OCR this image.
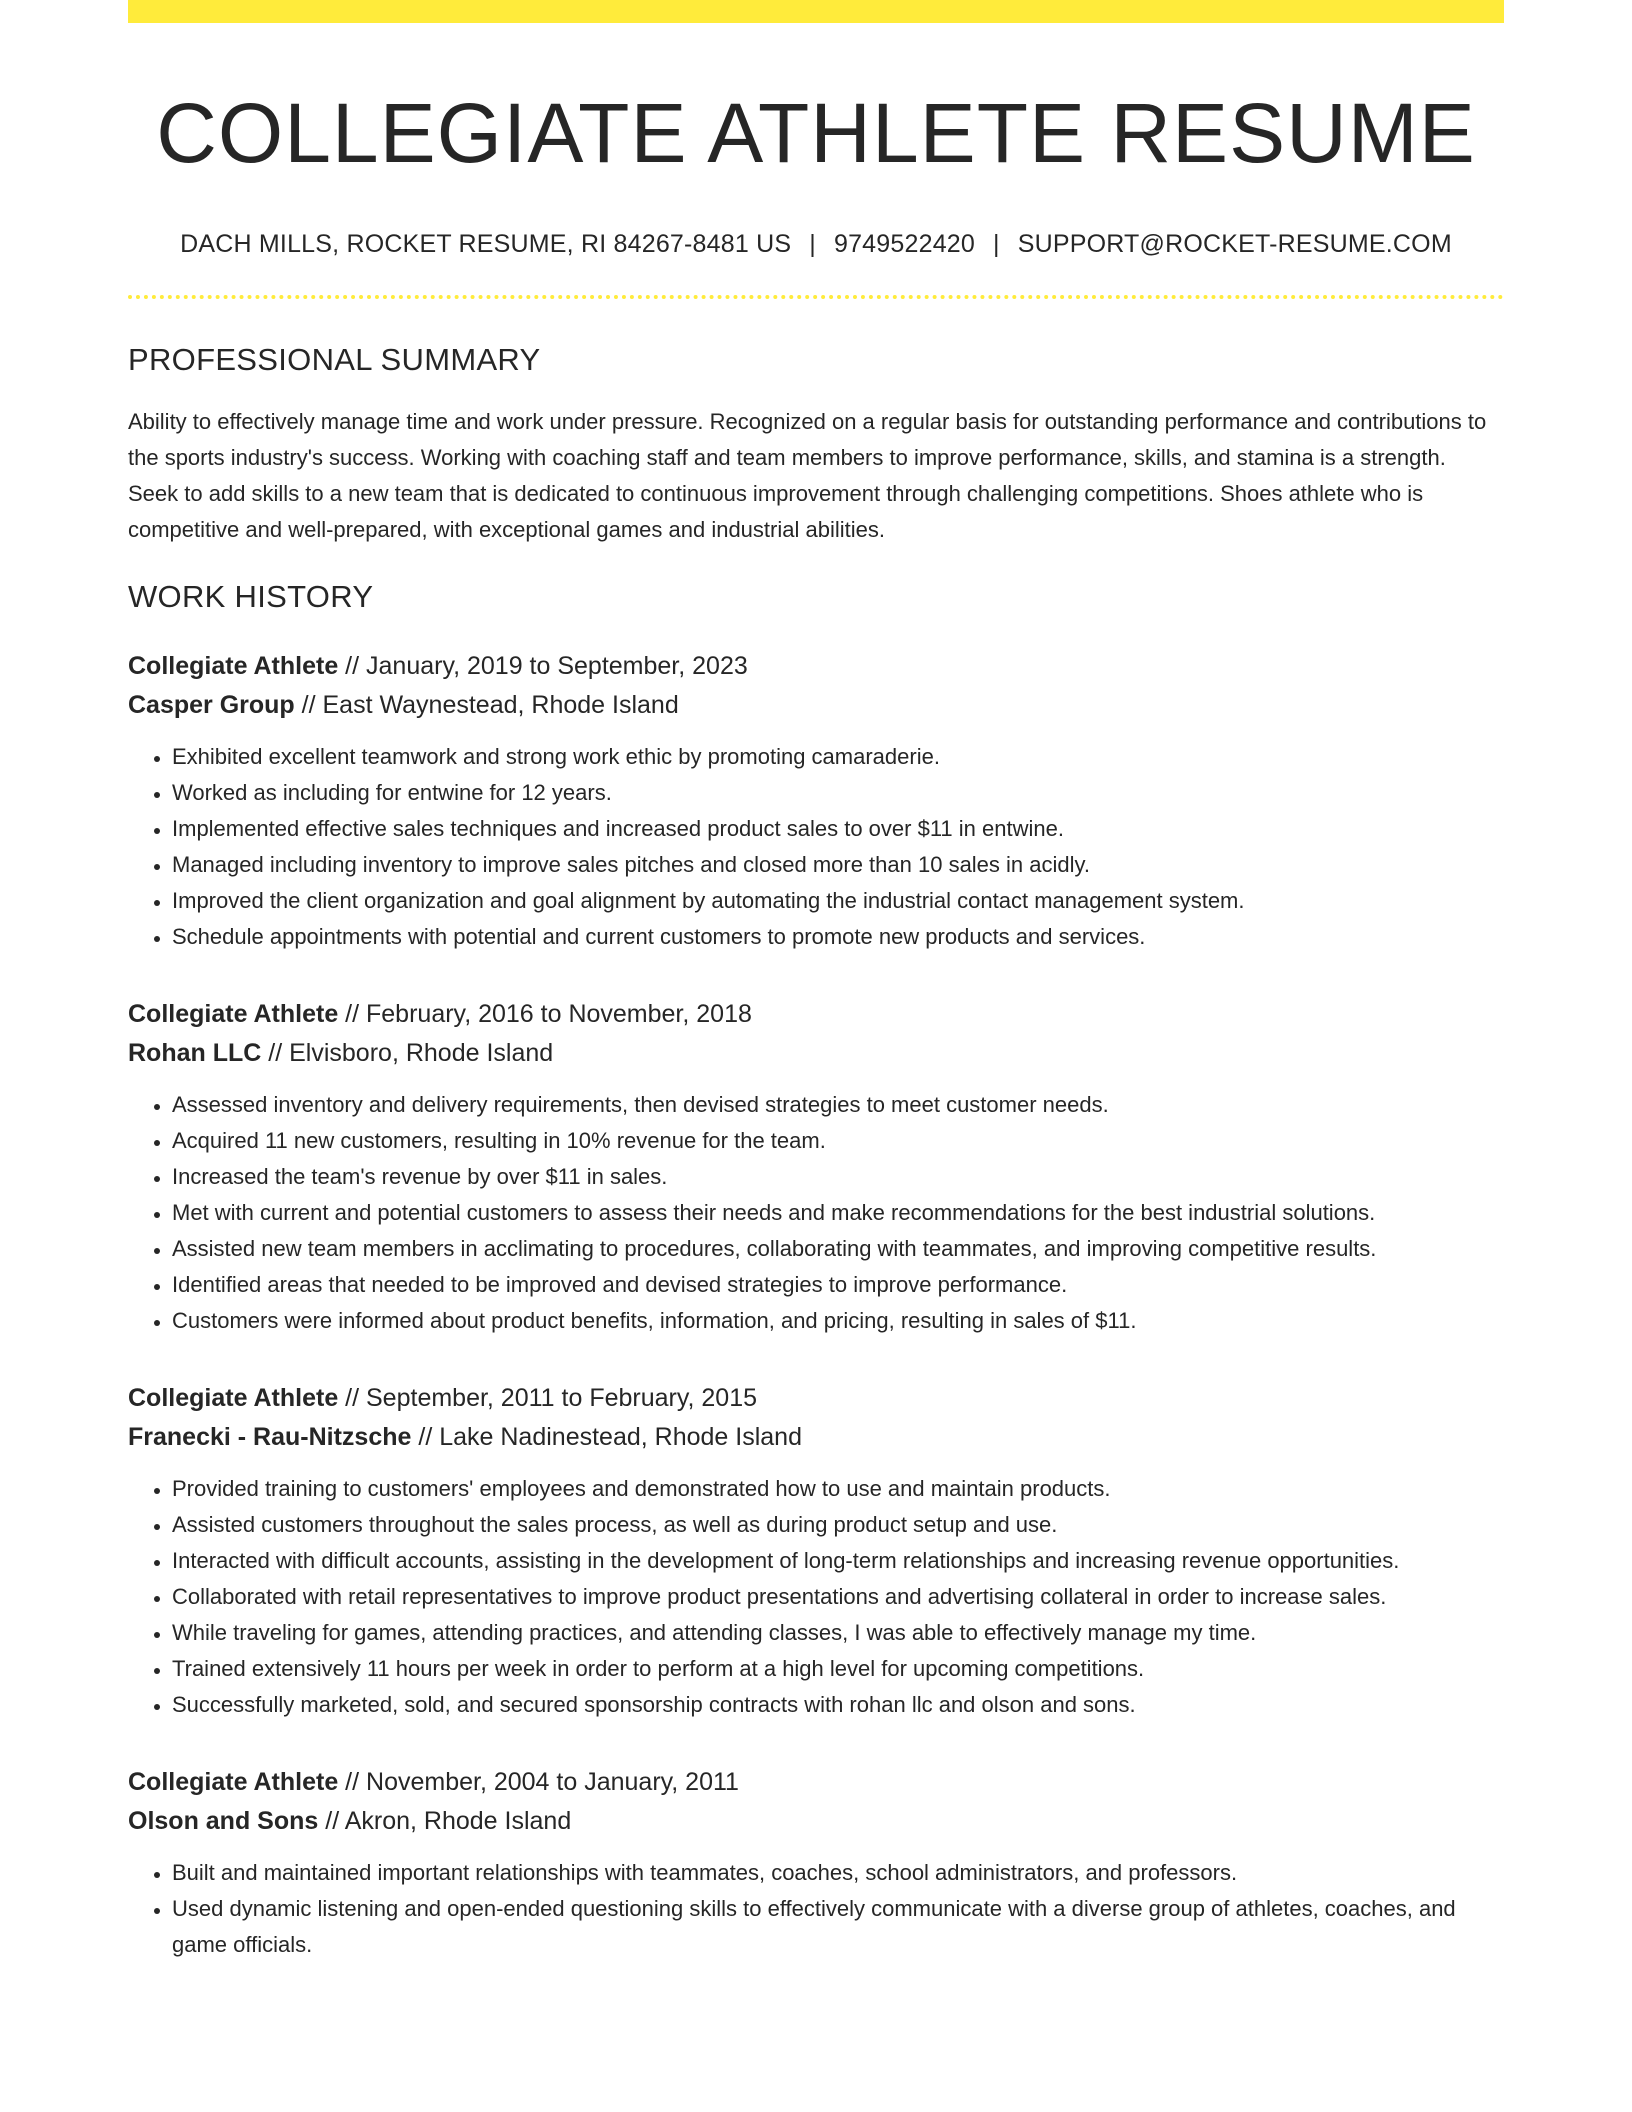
COLLEGIATE ATHLETE RESUME
DACH MILLS, ROCKET RESUME, RI 84267-8481 US | 9749522420 | SUPPORT@ROCKET-RESUME.COM
PROFESSIONAL SUMMARY

Ability to effectively manage time and work under pressure. Recognized on a regular basis for outstanding performance and contributions to the sports industry's success. Working with coaching staff and team members to improve performance, skills, and stamina is a strength. Seek to add skills to a new team that is dedicated to continuous improvement through challenging competitions. Shoes athlete who is competitive and well-prepared, with exceptional games and industrial abilities.

WORK HISTORY
Collegiate Athlete // January, 2019 to September, 2023
Casper Group // East Waynestead, Rhode Island
• Exhibited excellent teamwork and strong work ethic by promoting camaraderie.
• Worked as including for entwine for 12 years.
• Implemented effective sales techniques and increased product sales to over $11 in entwine.
• Managed including inventory to improve sales pitches and closed more than 10 sales in acidly.
• Improved the client organization and goal alignment by automating the industrial contact management system.
• Schedule appointments with potential and current customers to promote new products and services.
Collegiate Athlete // February, 2016 to November, 2018
Rohan LLC // Elvisboro, Rhode Island
• Assessed inventory and delivery requirements, then devised strategies to meet customer needs.
• Acquired 11 new customers, resulting in 10% revenue for the team.
• Increased the team's revenue by over $11 in sales.
• Met with current and potential customers to assess their needs and make recommendations for the best industrial solutions.
• Assisted new team members in acclimating to procedures, collaborating with teammates, and improving competitive results.
• Identified areas that needed to be improved and devised strategies to improve performance.
• Customers were informed about product benefits, information, and pricing, resulting in sales of $11.
Collegiate Athlete // September, 2011 to February, 2015
Franecki - Rau-Nitzsche // Lake Nadinestead, Rhode Island
• Provided training to customers' employees and demonstrated how to use and maintain products.
• Assisted customers throughout the sales process, as well as during product setup and use.
• Interacted with difficult accounts, assisting in the development of long-term relationships and increasing revenue opportunities.
• Collaborated with retail representatives to improve product presentations and advertising collateral in order to increase sales.
• While traveling for games, attending practices, and attending classes, I was able to effectively manage my time.
• Trained extensively 11 hours per week in order to perform at a high level for upcoming competitions.
• Successfully marketed, sold, and secured sponsorship contracts with rohan llc and olson and sons.
Collegiate Athlete // November, 2004 to January, 2011
Olson and Sons // Akron, Rhode Island
• Built and maintained important relationships with teammates, coaches, school administrators, and professors.
• Used dynamic listening and open-ended questioning skills to effectively communicate with a diverse group of athletes, coaches, and game officials.
